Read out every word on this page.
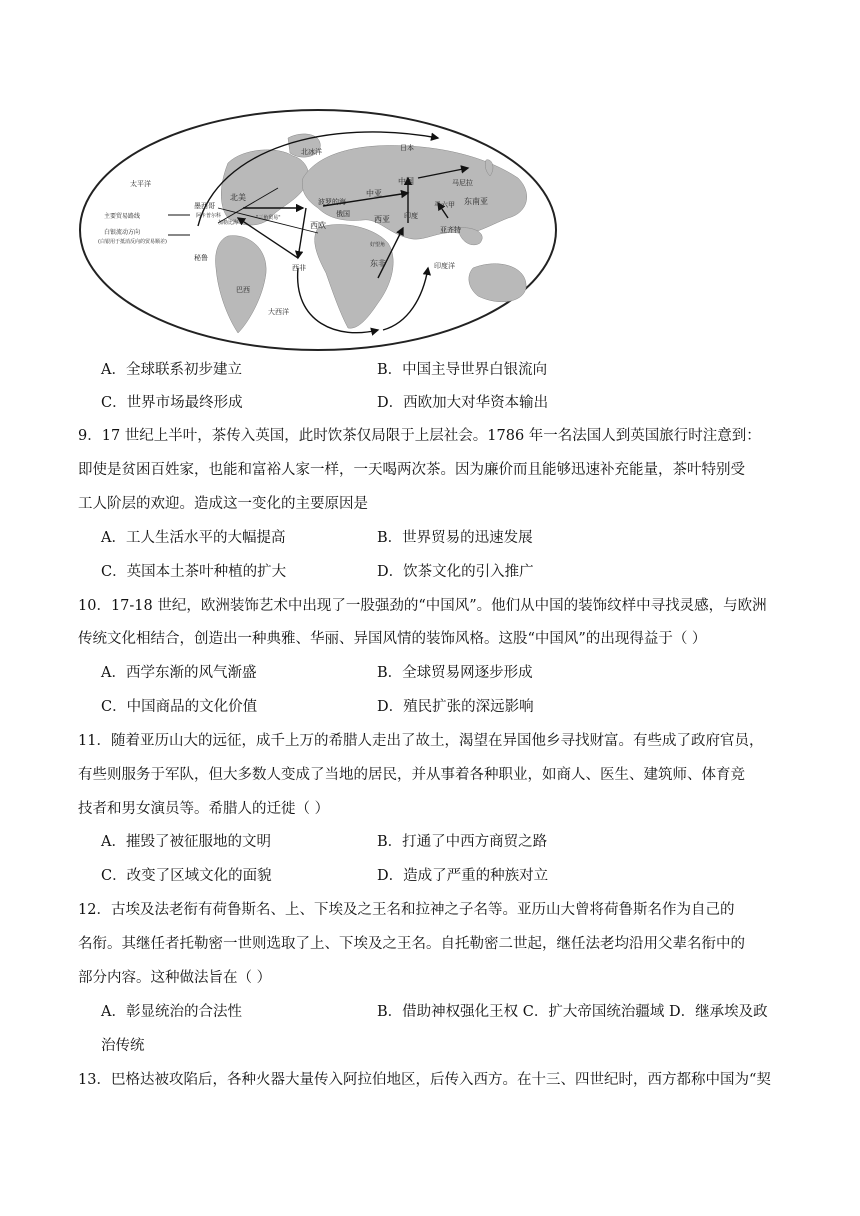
太平洋
北冰洋
大西洋
印度洋
波罗的海
北美
墨西哥
阿卡普尔科
加勒比海
"三角贸易"
秘鲁
巴西
俄国
西欧
西非
中亚
西亚 印度
好望角
东非
日本
中国	马尼拉
东南亚
马六甲
亚齐特
主要贸易路线
白银流动方向
(白银用于抵消反向的贸易顺差)
A．全球联系初步建立	B．中国主导世界白银流向
C．世界市场最终形成	D．西欧加大对华资本输出
9．17 世纪上半叶，茶传入英国，此时饮茶仅局限于上层社会。1786 年一名法国人到英国旅行时注意到：
即使是贫困百姓家，也能和富裕人家一样，一天喝两次茶。因为廉价而且能够迅速补充能量，茶叶特别受
工人阶层的欢迎。造成这一变化的主要原因是
A．工人生活水平的大幅提高	B．世界贸易的迅速发展
C．英国本土茶叶种植的扩大	D．饮茶文化的引入推广
10．17-18 世纪，欧洲装饰艺术中出现了一股强劲的“中国风”。他们从中国的装饰纹样中寻找灵感，与欧洲
传统文化相结合，创造出一种典雅、华丽、异国风情的装饰风格。这股“中国风”的出现得益于（ ）
A．西学东渐的风气渐盛	B．全球贸易网逐步形成
C．中国商品的文化价值	D．殖民扩张的深远影响
11．随着亚历山大的远征，成千上万的希腊人走出了故土，渴望在异国他乡寻找财富。有些成了政府官员，
有些则服务于军队，但大多数人变成了当地的居民，并从事着各种职业，如商人、医生、建筑师、体育竞
技者和男女演员等。希腊人的迁徙（ ）
A．摧毁了被征服地的文明	B．打通了中西方商贸之路
C．改变了区域文化的面貌	D．造成了严重的种族对立
12．古埃及法老衔有荷鲁斯名、上、下埃及之王名和拉神之子名等。亚历山大曾将荷鲁斯名作为自己的
名衔。其继任者托勒密一世则选取了上、下埃及之王名。自托勒密二世起，继任法老均沿用父辈名衔中的
部分内容。这种做法旨在（ ）
A．彰显统治的合法性	B．借助神权强化王权 C．扩大帝国统治疆域 D．继承埃及政
治传统
13．巴格达被攻陷后，各种火器大量传入阿拉伯地区，后传入西方。在十三、四世纪时，西方都称中国为“契
